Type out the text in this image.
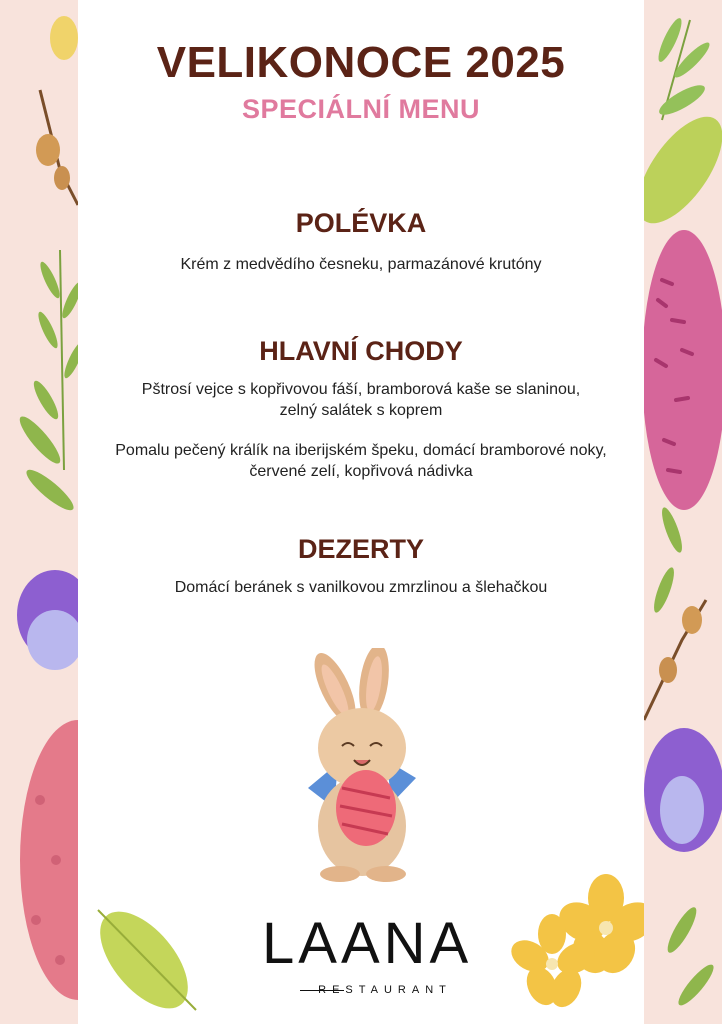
VELIKONOCE 2025
SPECIÁLNÍ MENU
POLÉVKA

Krém z medvědího česneku, parmazánové krutóny

HLAVNÍ CHODY

Pštrosí vejce s kopřivovou fáší, bramborová kaše se slaninou,
zelný salátek s koprem

Pomalu pečený králík na iberijském špeku, domácí bramborové noky,
červené zelí, kopřivová nádivka

DEZERTY

Domácí beránek s vanilkovou zmrzlinou a šlehačkou

LAANA
RESTAURANT
